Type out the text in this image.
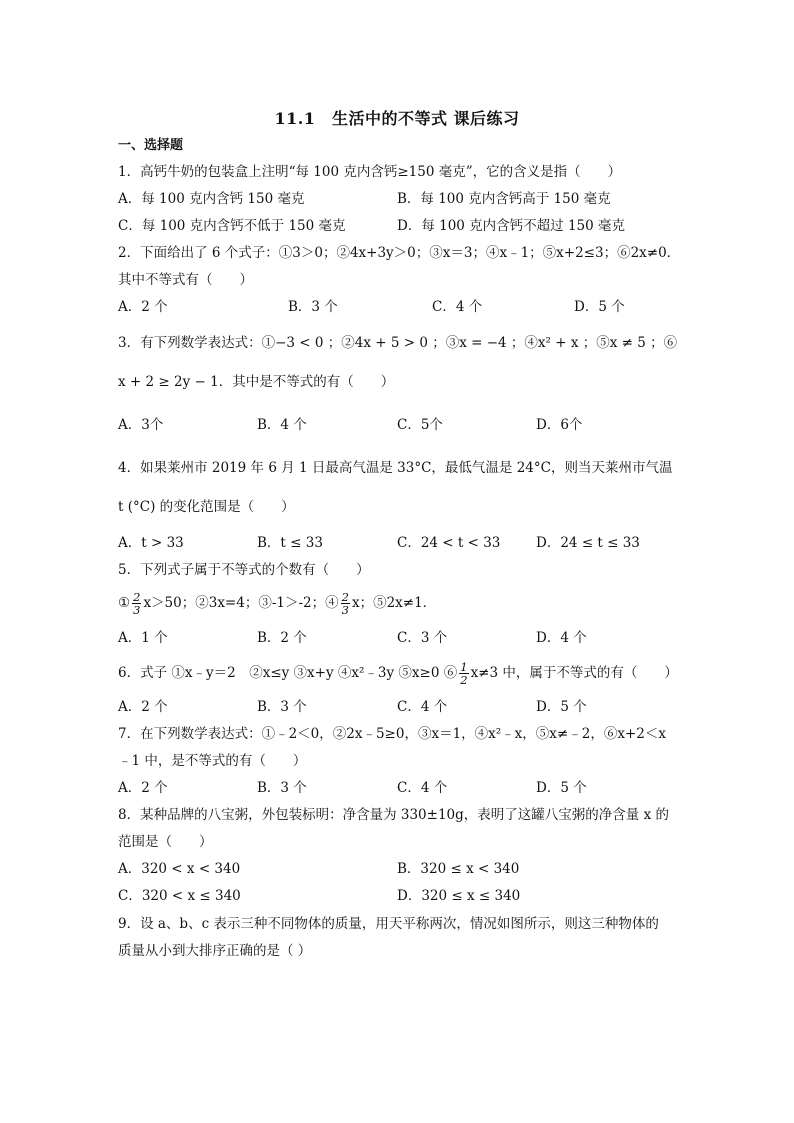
11.1　生活中的不等式 课后练习
一、选择题
1．高钙牛奶的包装盒上注明“每 100 克内含钙≥150 毫克”，它的含义是指（　　）
A．每 100 克内含钙 150 毫克	B．每 100 克内含钙高于 150 毫克
C．每 100 克内含钙不低于 150 毫克	D．每 100 克内含钙不超过 150 毫克
2．下面给出了 6 个式子：①3＞0；②4x+3y＞0；③x＝3；④x﹣1；⑤x+2≤3；⑥2x≠0．
其中不等式有（　　）
A．2 个	B．3 个	C．4 个	D．5 个
3．有下列数学表达式：①−3 < 0 ；②4x + 5 > 0 ；③x = −4 ；④x² + x ；⑤x ≠ 5 ；⑥
x + 2 ≥ 2y − 1．其中是不等式的有（　　）
A．3个	B．4 个	C．5个	D．6个
4．如果莱州市 2019 年 6 月 1 日最高气温是 33°C，最低气温是 24°C，则当天莱州市气温
t (°C) 的变化范围是（　　）
A．t > 33	B．t ≤ 33	C．24 < t < 33	D．24 ≤ t ≤ 33
5．下列式子属于不等式的个数有（　　）
① $\frac{2}{3} x>50$；②3x=4；③-1＞-2；④ $\frac{2}{3}$ x；⑤2x≠1．
A．1 个	B．2 个	C．3 个	D．4 个
6．式子 ①x﹣y＝2　②x≤y ③x+y ④x²﹣3y ⑤x≥0 ⑥ $\frac{1}{2} x\ne 3$ 中，属于不等式的有（　　）
A．2 个	B．3 个	C．4 个	D．5 个
7．在下列数学表达式：①﹣2＜0，②2x﹣5≥0，③x＝1，④x²﹣x，⑤x≠﹣2，⑥x+2＜x
﹣1 中，是不等式的有（　　）
A．2 个	B．3 个	C．4 个	D．5 个
8．某种品牌的八宝粥，外包装标明：净含量为 330±10g，表明了这罐八宝粥的净含量 x 的
范围是（　　）
A．320 < x < 340	B．320 ≤ x < 340
C．320 < x ≤ 340	D．320 ≤ x ≤ 340
9．设 a、b、c 表示三种不同物体的质量，用天平称两次，情况如图所示，则这三种物体的
质量从小到大排序正确的是（ ）
